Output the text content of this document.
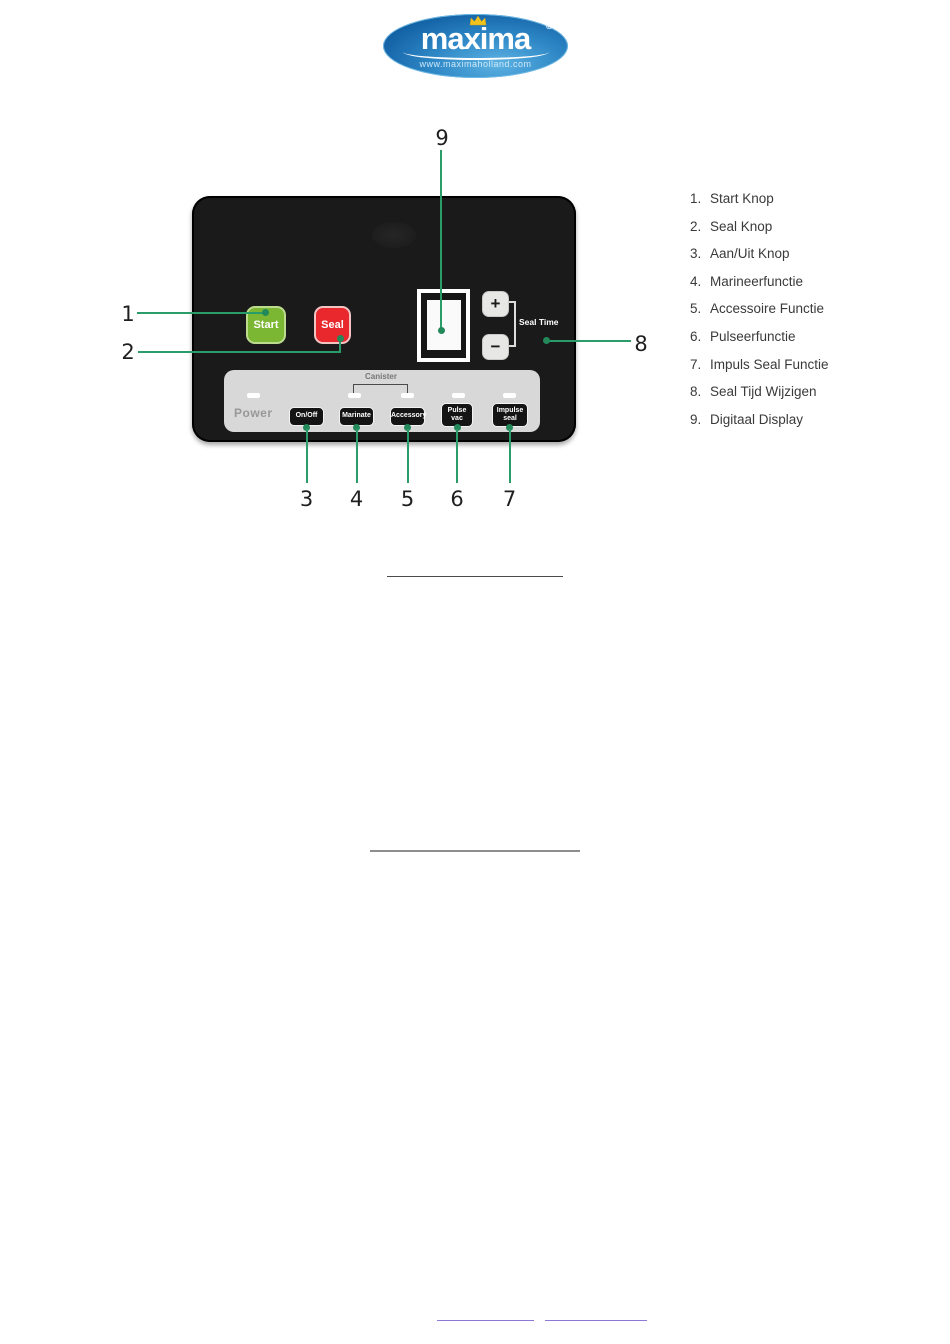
maxima	®
www.maximaholland.com
Start	Seal
+
−
Seal Time
Canister
Power	On/Off	Marinate	Accessory
Pulse
vac
Impulse
seal
9
1
2	8
3 4 5 6 7
1. Start Knop
2. Seal Knop
3. Aan/Uit Knop
4. Marineerfunctie
5. Accessoire Functie
6. Pulseerfunctie
7. Impuls Seal Functie
8. Seal Tijd Wijzigen
9. Digitaal Display
